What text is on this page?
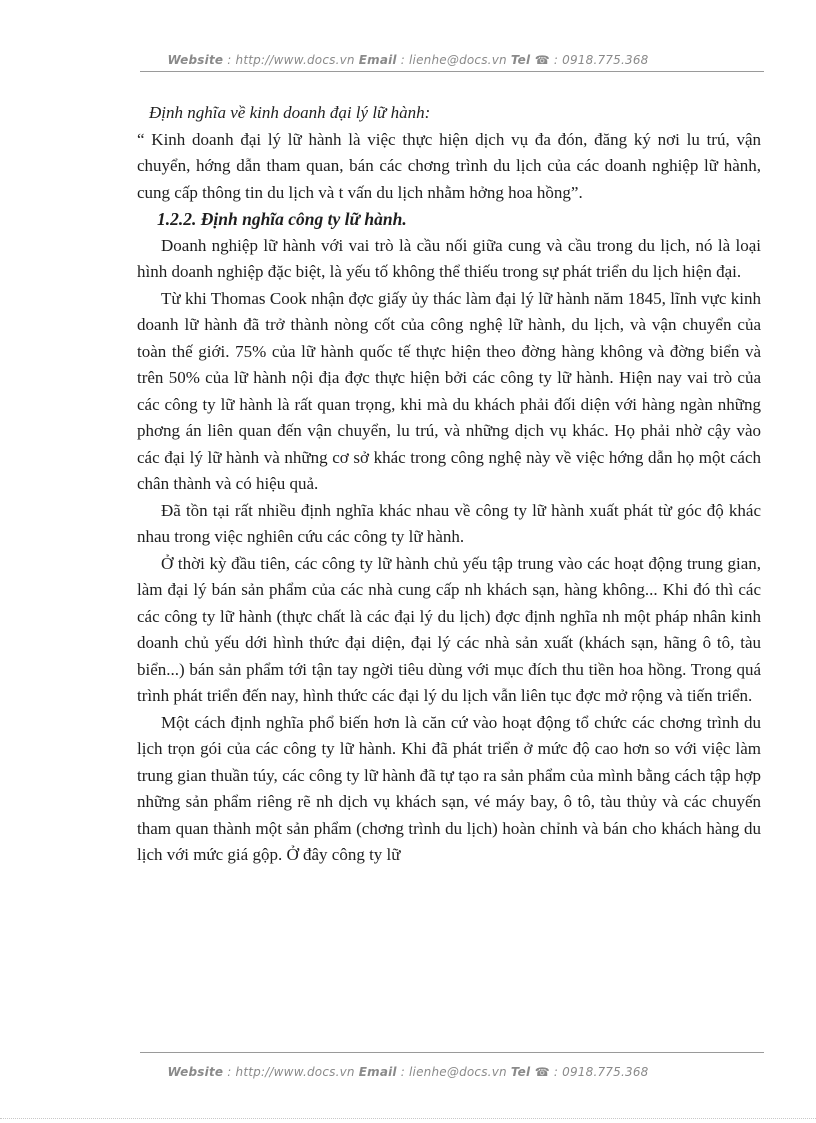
Website : http://www.docs.vn Email : lienhe@docs.vn Tel ☎ : 0918.775.368

Định nghĩa về kinh doanh đại lý lữ hành:

“ Kinh doanh đại lý lữ hành là việc thực hiện dịch vụ đa đón, đăng ký nơi lu trú, vận chuyển, hớng dẫn tham quan, bán các chơng trình du lịch của các doanh nghiệp lữ hành, cung cấp thông tin du lịch và t vấn du lịch nhằm hởng hoa hồng”.

1.2.2. Định nghĩa công ty lữ hành.

Doanh nghiệp lữ hành với vai trò là cầu nối giữa cung và cầu trong du lịch, nó là loại hình doanh nghiệp đặc biệt, là yếu tố không thể thiếu trong sự phát triển du lịch hiện đại.

Từ khi Thomas Cook nhận đợc giấy ủy thác làm đại lý lữ hành năm 1845, lĩnh vực kinh doanh lữ hành đã trở thành nòng cốt của công nghệ lữ hành, du lịch, và vận chuyển của toàn thế giới. 75% của lữ hành quốc tế thực hiện theo đờng hàng không và đờng biển và trên 50% của lữ hành nội địa đợc thực hiện bởi các công ty lữ hành. Hiện nay vai trò của các công ty lữ hành là rất quan trọng, khi mà du khách phải đối diện với hàng ngàn những phơng án liên quan đến vận chuyển, lu trú, và những dịch vụ khác. Họ phải nhờ cậy vào các đại lý lữ hành và những cơ sở khác trong công nghệ này về việc hớng dẫn họ một cách chân thành và có hiệu quả.

Đã tồn tại rất nhiều định nghĩa khác nhau về công ty lữ hành xuất phát từ góc độ khác nhau trong việc nghiên cứu các công ty lữ hành.

Ở thời kỳ đầu tiên, các công ty lữ hành chủ yếu tập trung vào các hoạt động trung gian, làm đại lý bán sản phẩm của các nhà cung cấp nh khách sạn, hàng không... Khi đó thì các các công ty lữ hành (thực chất là các đại lý du lịch) đợc định nghĩa nh một pháp nhân kinh doanh chủ yếu dới hình thức đại diện, đại lý các nhà sản xuất (khách sạn, hãng ô tô, tàu biển...) bán sản phẩm tới tận tay ngời tiêu dùng với mục đích thu tiền hoa hồng. Trong quá trình phát triển đến nay, hình thức các đại lý du lịch vẫn liên tục đợc mở rộng và tiến triển.

Một cách định nghĩa phổ biến hơn là căn cứ vào hoạt động tổ chức các chơng trình du lịch trọn gói của các công ty lữ hành. Khi đã phát triển ở mức độ cao hơn so với việc làm trung gian thuần túy, các công ty lữ hành đã tự tạo ra sản phẩm của mình bằng cách tập hợp những sản phẩm riêng rẽ nh dịch vụ khách sạn, vé máy bay, ô tô, tàu thủy và các chuyến tham quan thành một sản phẩm (chơng trình du lịch) hoàn chỉnh và bán cho khách hàng du lịch với mức giá gộp. Ở đây công ty lữ

Website : http://www.docs.vn Email : lienhe@docs.vn Tel ☎ : 0918.775.368
